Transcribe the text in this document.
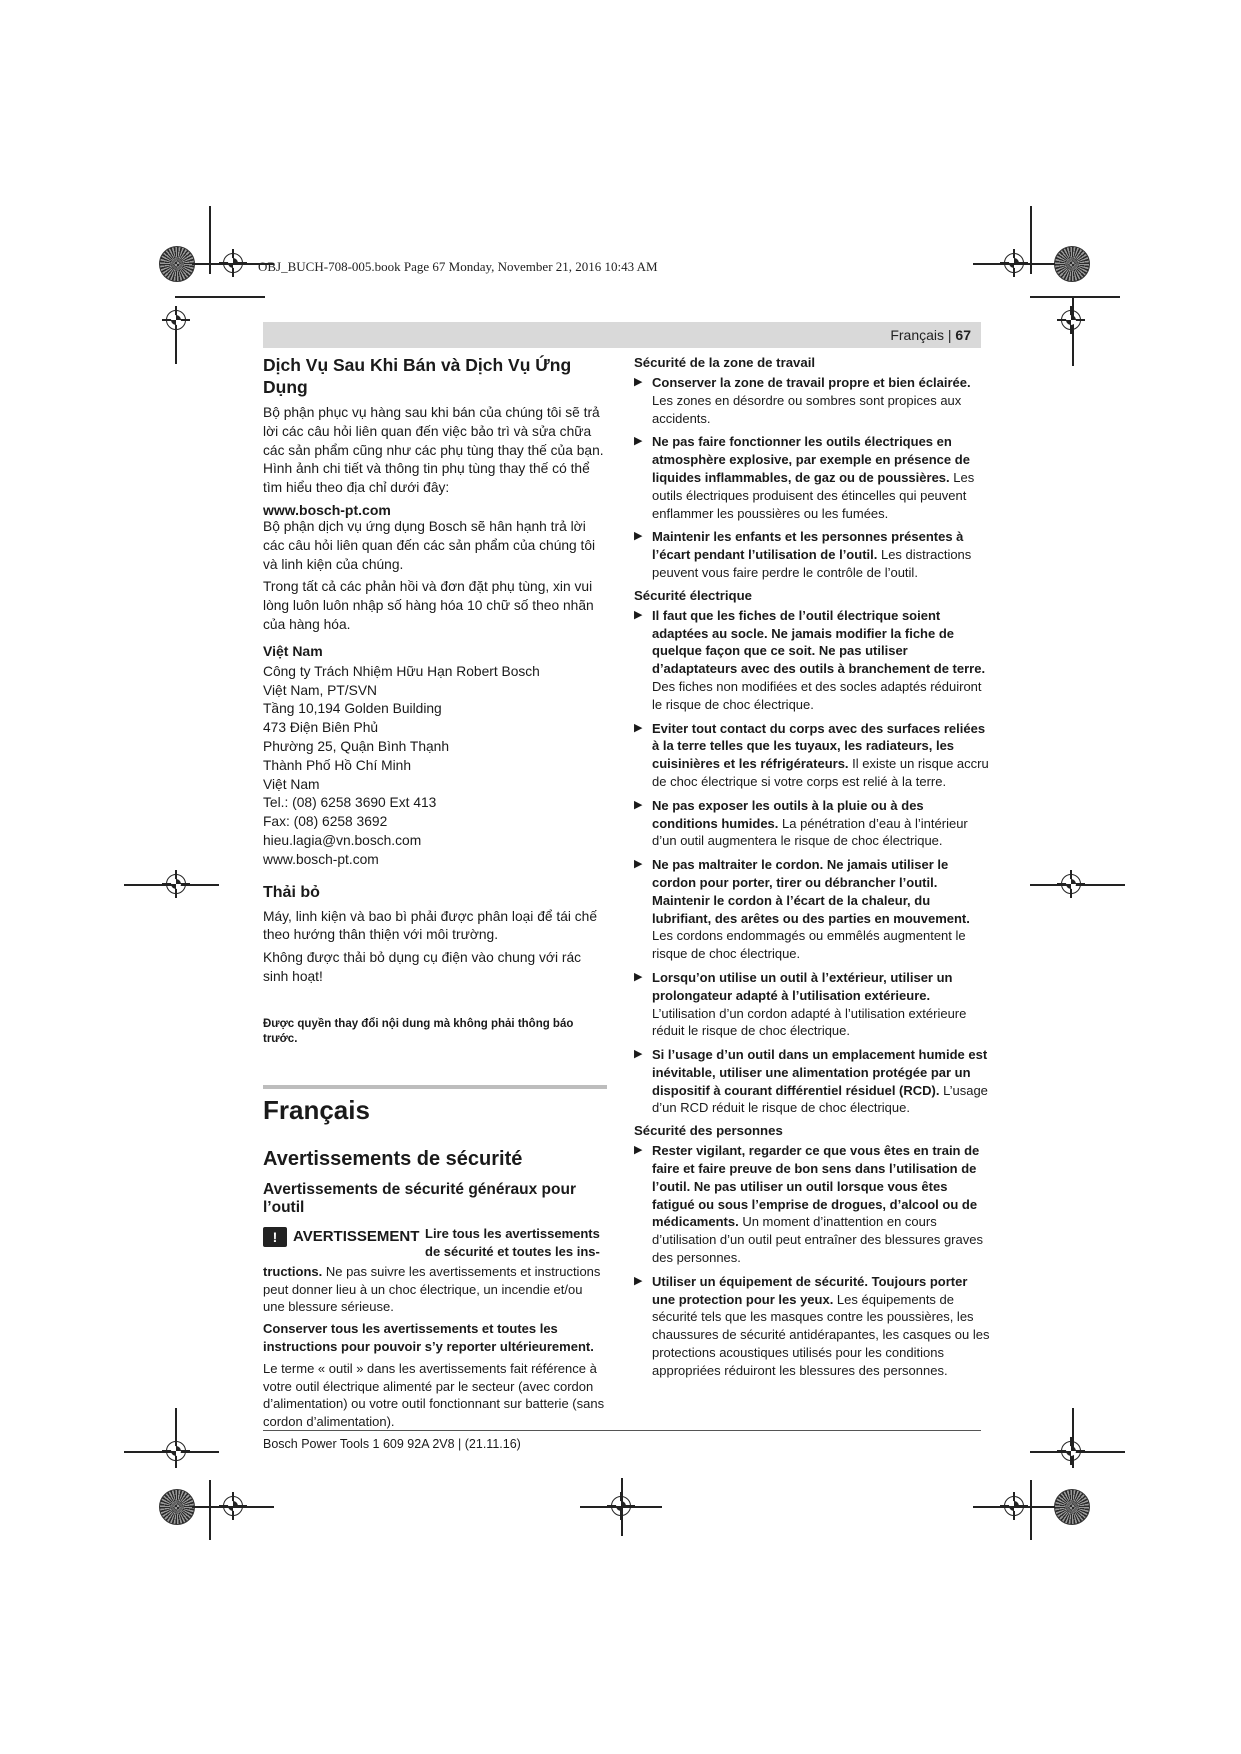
OBJ_BUCH-708-005.book Page 67 Monday, November 21, 2016 10:43 AM
Français | 67
Dịch Vụ Sau Khi Bán và Dịch Vụ Ứng Dụng

Bộ phận phục vụ hàng sau khi bán của chúng tôi sẽ trả lời các câu hỏi liên quan đến việc bảo trì và sửa chữa các sản phẩm cũng như các phụ tùng thay thế của bạn. Hình ảnh chi tiết và thông tin phụ tùng thay thế có thể tìm hiểu theo địa chỉ dưới đây:

www.bosch-pt.com

Bộ phận dịch vụ ứng dụng Bosch sẽ hân hạnh trả lời các câu hỏi liên quan đến các sản phẩm của chúng tôi và linh kiện của chúng.

Trong tất cả các phản hồi và đơn đặt phụ tùng, xin vui lòng luôn luôn nhập số hàng hóa 10 chữ số theo nhãn của hàng hóa.

Việt Nam
Công ty Trách Nhiệm Hữu Hạn Robert Bosch
Việt Nam, PT/SVN
Tầng 10,194 Golden Building
473 Điện Biên Phủ
Phường 25, Quận Bình Thạnh
Thành Phố Hồ Chí Minh
Việt Nam
Tel.: (08) 6258 3690 Ext 413
Fax: (08) 6258 3692
hieu.lagia@vn.bosch.com
www.bosch-pt.com
Thải bỏ

Máy, linh kiện và bao bì phải được phân loại để tái chế theo hướng thân thiện với môi trường.

Không được thải bỏ dụng cụ điện vào chung với rác sinh hoạt!

Được quyền thay đổi nội dung mà không phải thông báo trước.
Français
Avertissements de sécurité
Avertissements de sécurité généraux pour l’outil
!	AVERTISSEMENT Lire tous les avertissements de sécurité et toutes les ins-

tructions. Ne pas suivre les avertissements et instructions peut donner lieu à un choc électrique, un incendie et/ou une blessure sérieuse.

Conserver tous les avertissements et toutes les instructions pour pouvoir s’y reporter ultérieurement.

Le terme « outil » dans les avertissements fait référence à votre outil électrique alimenté par le secteur (avec cordon d’alimentation) ou votre outil fonctionnant sur batterie (sans cordon d’alimentation).

Sécurité de la zone de travail
▶ Conserver la zone de travail propre et bien éclairée. Les zones en désordre ou sombres sont propices aux accidents.
▶ Ne pas faire fonctionner les outils électriques en atmosphère explosive, par exemple en présence de liquides inflammables, de gaz ou de poussières. Les outils électriques produisent des étincelles qui peuvent enflammer les poussières ou les fumées.
▶ Maintenir les enfants et les personnes présentes à l’écart pendant l’utilisation de l’outil. Les distractions peuvent vous faire perdre le contrôle de l’outil.
Sécurité électrique
▶ Il faut que les fiches de l’outil électrique soient adaptées au socle. Ne jamais modifier la fiche de quelque façon que ce soit. Ne pas utiliser d’adaptateurs avec des outils à branchement de terre. Des fiches non modifiées et des socles adaptés réduiront le risque de choc électrique.
▶ Eviter tout contact du corps avec des surfaces reliées à la terre telles que les tuyaux, les radiateurs, les cuisinières et les réfrigérateurs. Il existe un risque accru de choc électrique si votre corps est relié à la terre.
▶ Ne pas exposer les outils à la pluie ou à des conditions humides. La pénétration d’eau à l’intérieur d’un outil augmentera le risque de choc électrique.
▶ Ne pas maltraiter le cordon. Ne jamais utiliser le cordon pour porter, tirer ou débrancher l’outil. Maintenir le cordon à l’écart de la chaleur, du lubrifiant, des arêtes ou des parties en mouvement. Les cordons endommagés ou emmêlés augmentent le risque de choc électrique.
▶ Lorsqu’on utilise un outil à l’extérieur, utiliser un prolongateur adapté à l’utilisation extérieure. L’utilisation d’un cordon adapté à l’utilisation extérieure réduit le risque de choc électrique.
▶ Si l’usage d’un outil dans un emplacement humide est inévitable, utiliser une alimentation protégée par un dispositif à courant différentiel résiduel (RCD). L’usage d’un RCD réduit le risque de choc électrique.
Sécurité des personnes
▶ Rester vigilant, regarder ce que vous êtes en train de faire et faire preuve de bon sens dans l’utilisation de l’outil. Ne pas utiliser un outil lorsque vous êtes fatigué ou sous l’emprise de drogues, d’alcool ou de médicaments. Un moment d’inattention en cours d’utilisation d’un outil peut entraîner des blessures graves des personnes.
▶ Utiliser un équipement de sécurité. Toujours porter une protection pour les yeux. Les équipements de sécurité tels que les masques contre les poussières, les chaussures de sécurité antidérapantes, les casques ou les protections acoustiques utilisés pour les conditions appropriées réduiront les blessures des personnes.
Bosch Power Tools 1 609 92A 2V8 | (21.11.16)
